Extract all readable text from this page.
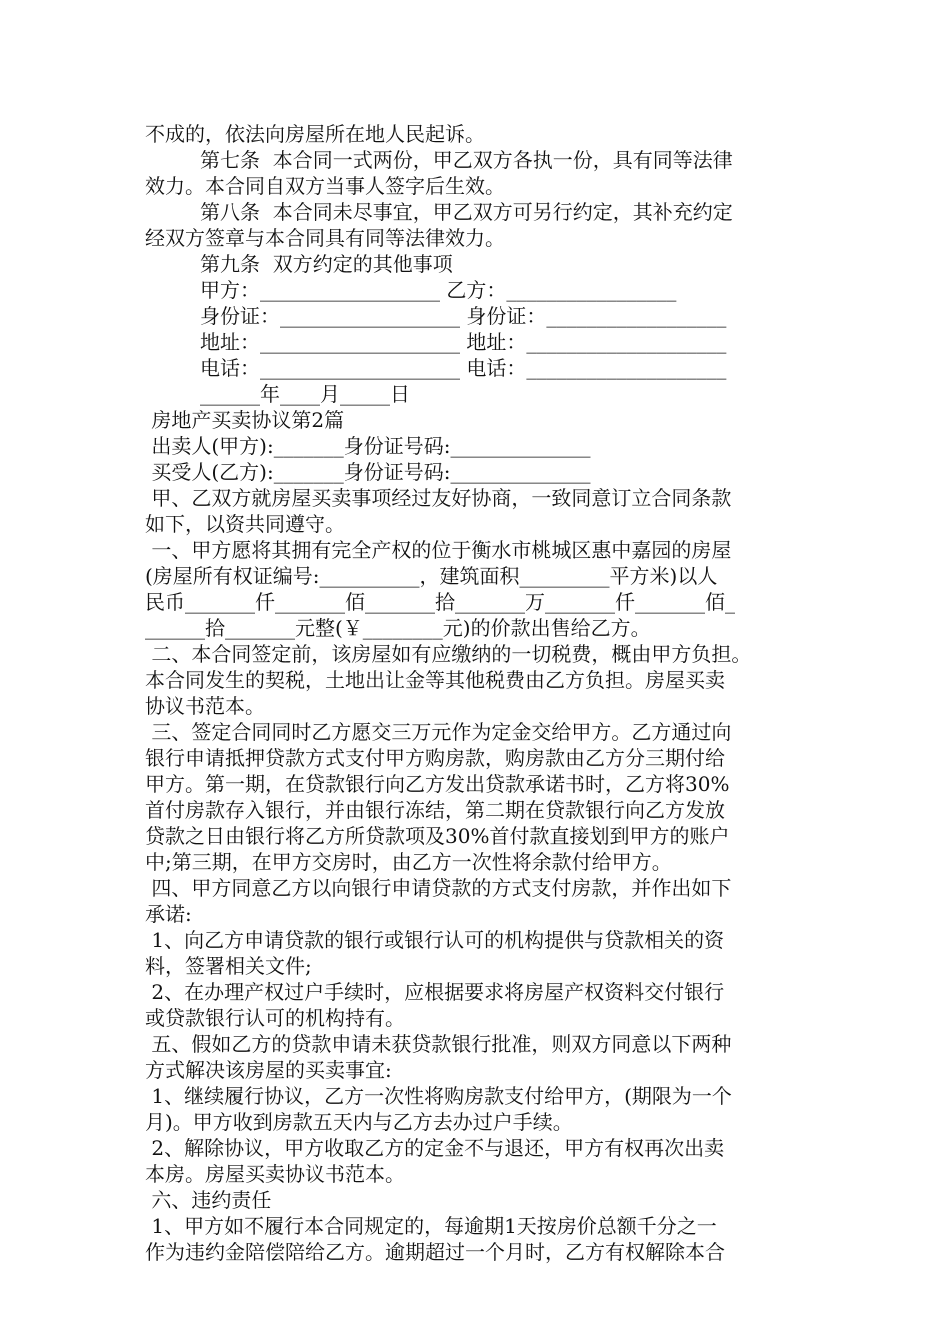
不成的，依法向房屋所在地人民起诉。
第七条  本合同一式两份，甲乙双方各执一份，具有同等法律
效力。本合同自双方当事人签字后生效。
第八条  本合同未尽事宜，甲乙双方可另行约定，其补充约定
经双方签章与本合同具有同等法律效力。
第九条  双方约定的其他事项
甲方：__________________ 乙方：_________________
身份证：__________________ 身份证：__________________
地址：____________________ 地址：____________________
电话：____________________ 电话：____________________
______年____月_____日
房地产买卖协议第2篇
出卖人(甲方):_______身份证号码:______________
买受人(乙方):_______身份证号码:______________
甲、乙双方就房屋买卖事项经过友好协商，一致同意订立合同条款
如下，以资共同遵守。
一、甲方愿将其拥有完全产权的位于衡水市桃城区惠中嘉园的房屋
(房屋所有权证编号:__________，建筑面积_________平方米)以人
民币_______仟_______佰_______拾_______万_______仟_______佰_
______拾_______元整(￥________元)的价款出售给乙方。
二、本合同签定前，该房屋如有应缴纳的一切税费，概由甲方负担。
本合同发生的契税，土地出让金等其他税费由乙方负担。房屋买卖
协议书范本。
三、签定合同同时乙方愿交三万元作为定金交给甲方。乙方通过向
银行申请抵押贷款方式支付甲方购房款，购房款由乙方分三期付给
甲方。第一期，在贷款银行向乙方发出贷款承诺书时，乙方将30%
首付房款存入银行，并由银行冻结，第二期在贷款银行向乙方发放
贷款之日由银行将乙方所贷款项及30%首付款直接划到甲方的账户
中;第三期，在甲方交房时，由乙方一次性将余款付给甲方。
四、甲方同意乙方以向银行申请贷款的方式支付房款，并作出如下
承诺:
1、向乙方申请贷款的银行或银行认可的机构提供与贷款相关的资
料，签署相关文件;
2、在办理产权过户手续时，应根据要求将房屋产权资料交付银行
或贷款银行认可的机构持有。
五、假如乙方的贷款申请未获贷款银行批准，则双方同意以下两种
方式解决该房屋的买卖事宜:
1、继续履行协议，乙方一次性将购房款支付给甲方，(期限为一个
月)。甲方收到房款五天内与乙方去办过户手续。
2、解除协议，甲方收取乙方的定金不与退还，甲方有权再次出卖
本房。房屋买卖协议书范本。
六、违约责任
1、甲方如不履行本合同规定的，每逾期1天按房价总额千分之一
作为违约金陪偿陪给乙方。逾期超过一个月时，乙方有权解除本合
